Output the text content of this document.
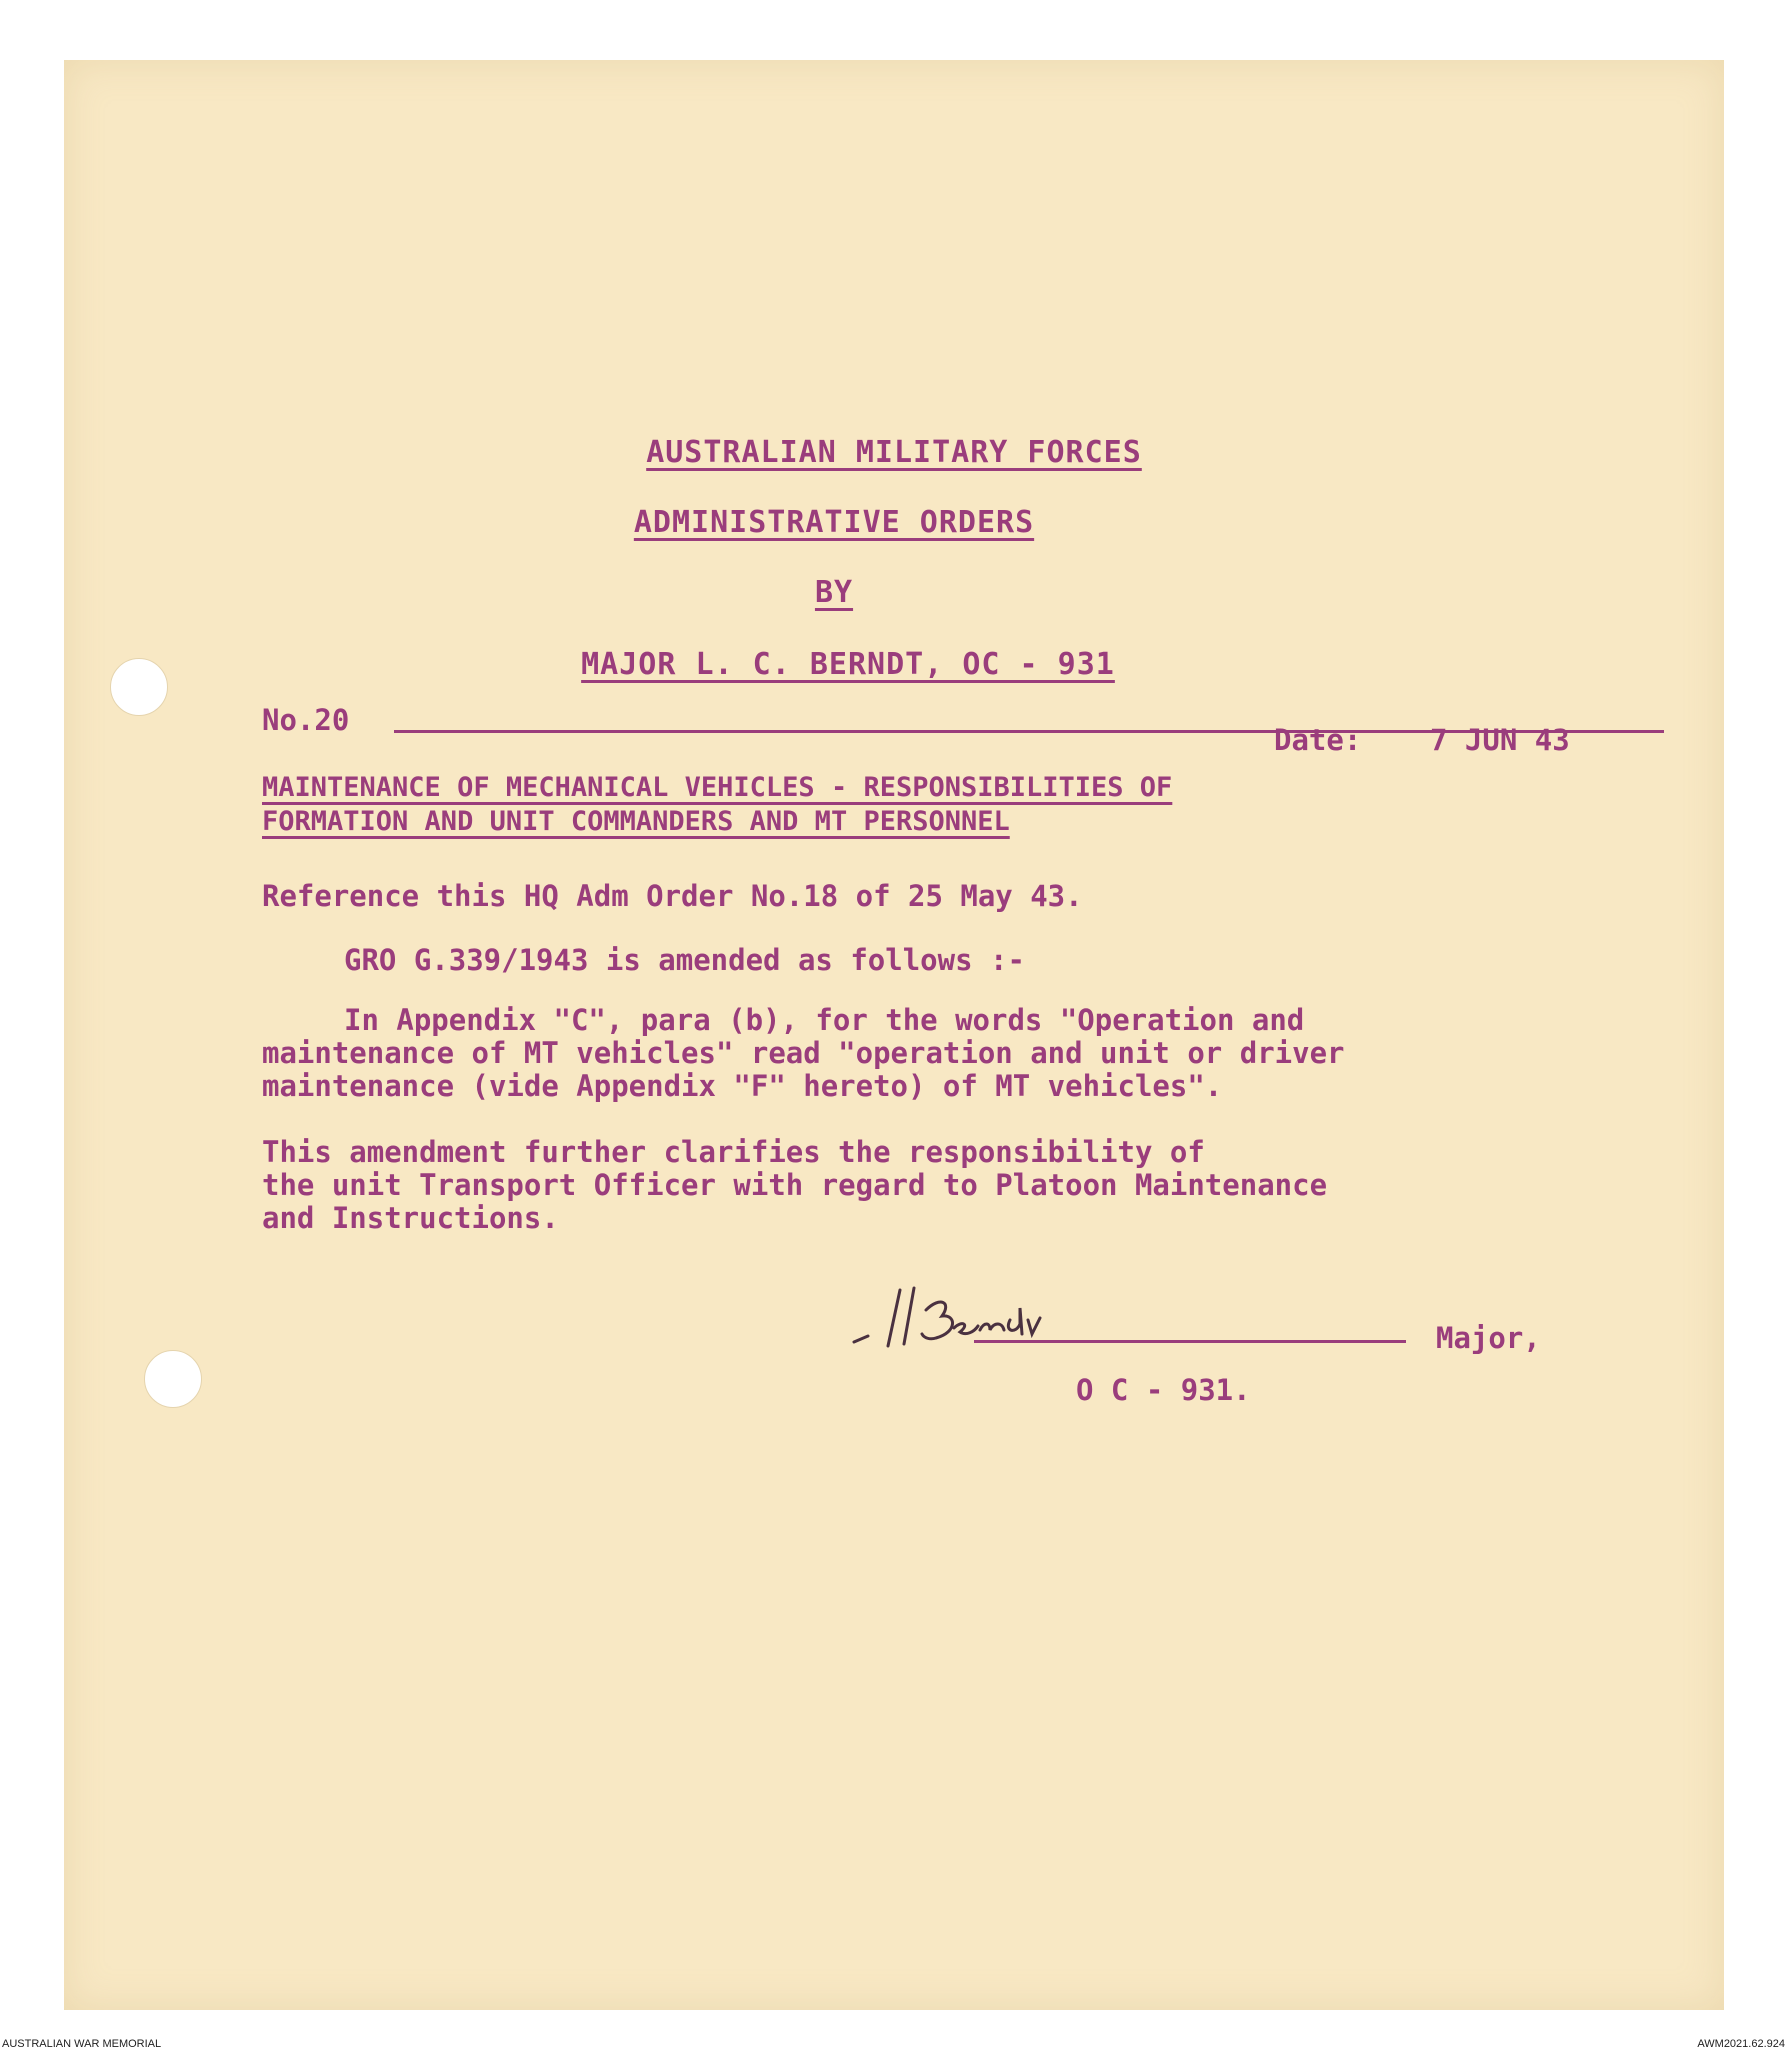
AUSTRALIAN MILITARY FORCES
ADMINISTRATIVE ORDERS
BY
MAJOR L. C. BERNDT, OC - 931
No.20
Date: 7 JUN 43
MAINTENANCE OF MECHANICAL VEHICLES - RESPONSIBILITIES OF
FORMATION AND UNIT COMMANDERS AND MT PERSONNEL
Reference this HQ Adm Order No.18 of 25 May 43.
GRO G.339/1943 is amended as follows :-
In Appendix "C", para (b), for the words "Operation and
maintenance of MT vehicles" read "operation and unit or driver
maintenance (vide Appendix "F" hereto) of MT vehicles".
This amendment further clarifies the responsibility of
the unit Transport Officer with regard to Platoon Maintenance
and Instructions.
Major,
O C - 931.
AUSTRALIAN WAR MEMORIAL	AWM2021.62.924
